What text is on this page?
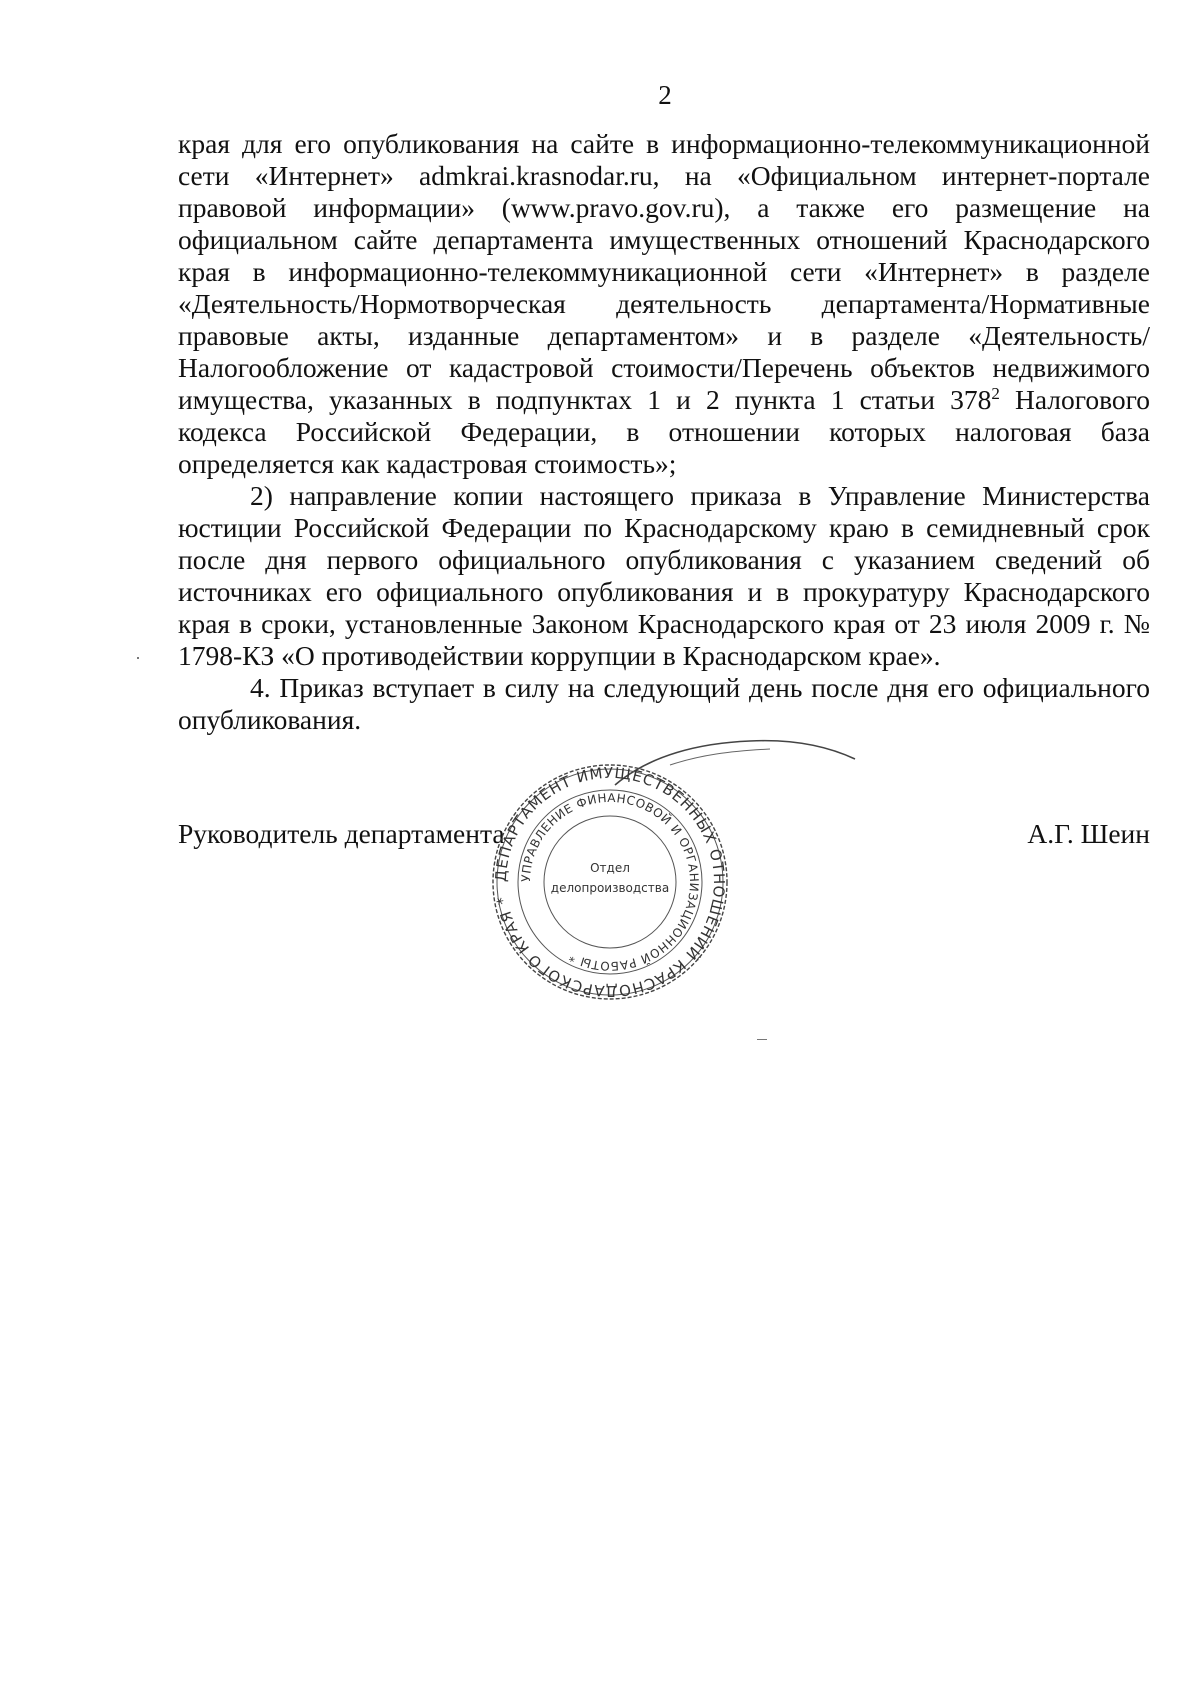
2

края для его опубликования на сайте в информационно-телекоммуникационной сети «Интернет» admkrai.krasnodar.ru, на «Официальном интернет-портале правовой информации» (www.pravo.gov.ru), а также его размещение на официальном сайте департамента имущественных отношений Краснодарского края в информационно-телекоммуникационной сети «Интернет» в разделе «Деятельность/Нормотворческая деятельность департамента/Нормативные правовые акты, изданные департаментом» и в разделе «Деятельность/ Налогообложение от кадастровой стоимости/Перечень объектов недвижимого имущества, указанных в подпунктах 1 и 2 пункта 1 статьи $378^2$ Налогового кодекса Российской Федерации, в отношении которых налоговая база определяется как кадастровая стоимость»;

2) направление копии настоящего приказа в Управление Министерства юстиции Российской Федерации по Краснодарскому краю в семидневный срок после дня первого официального опубликования с указанием сведений об источниках его официального опубликования и в прокуратуру Краснодарского края в сроки, установленные Законом Краснодарского края от 23 июля 2009 г. № 1798-КЗ «О противодействии коррупции в Краснодарском крае».

4. Приказ вступает в силу на следующий день после дня его официального опубликования.

Руководитель департамента	А.Г. Шеин
ДЕПАРТАМЕНТ ИМУЩЕСТВЕННЫХ ОТНОШЕНИЙ КРАСНОДАРСКОГО КРАЯ *
УПРАВЛЕНИЕ ФИНАНСОВОЙ И ОРГАНИЗАЦИОННОЙ РАБОТЫ *
Отдел
делопроизводства
